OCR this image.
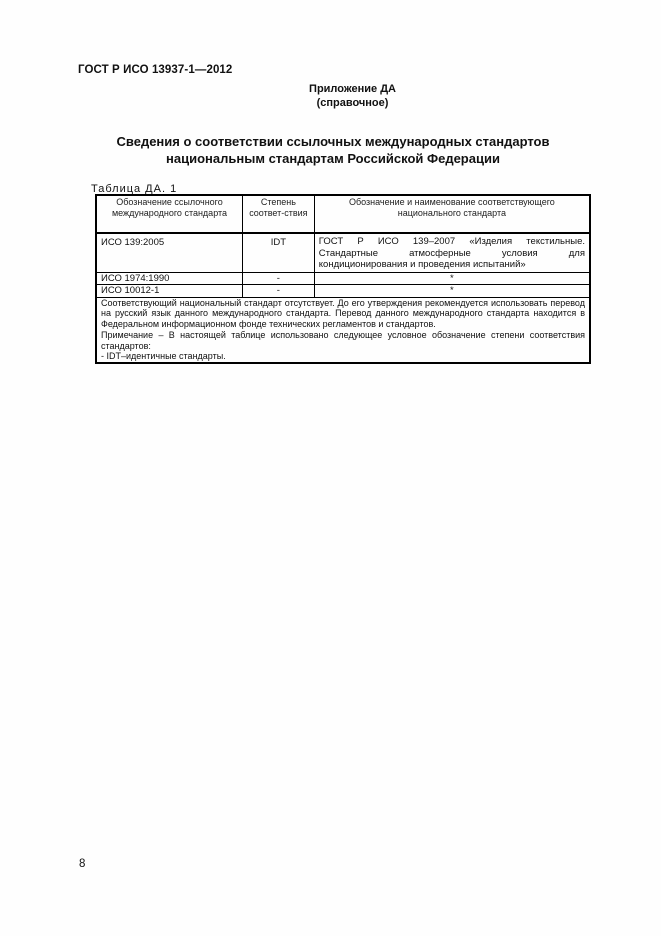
ГОСТ Р ИСО 13937-1—2012
Приложение ДА
(справочное)
Сведения о соответствии ссылочных международных стандартов
национальным стандартам Российской Федерации
Таблица ДА. 1
Обозначение ссылочного международного стандарта	Степень соответ-ствия	Обозначение и наименование соответствующего национального стандарта
ИСО 139:2005	IDT	ГОСТ Р ИСО 139–2007 «Изделия текстильные. Стандартные атмосферные условия для кондиционирования и проведения испытаний»
ИСО 1974:1990	-	*
ИСО 10012-1	-	*

Соответствующий национальный стандарт отсутствует. До его утверждения рекомендуется использовать перевод на русский язык данного международного стандарта. Перевод данного международного стандарта находится в Федеральном информационном фонде технических регламентов и стандартов.
Примечание – В настоящей таблице использовано следующее условное обозначение степени соответствия стандартов:
- IDT–идентичные стандарты.		
8
